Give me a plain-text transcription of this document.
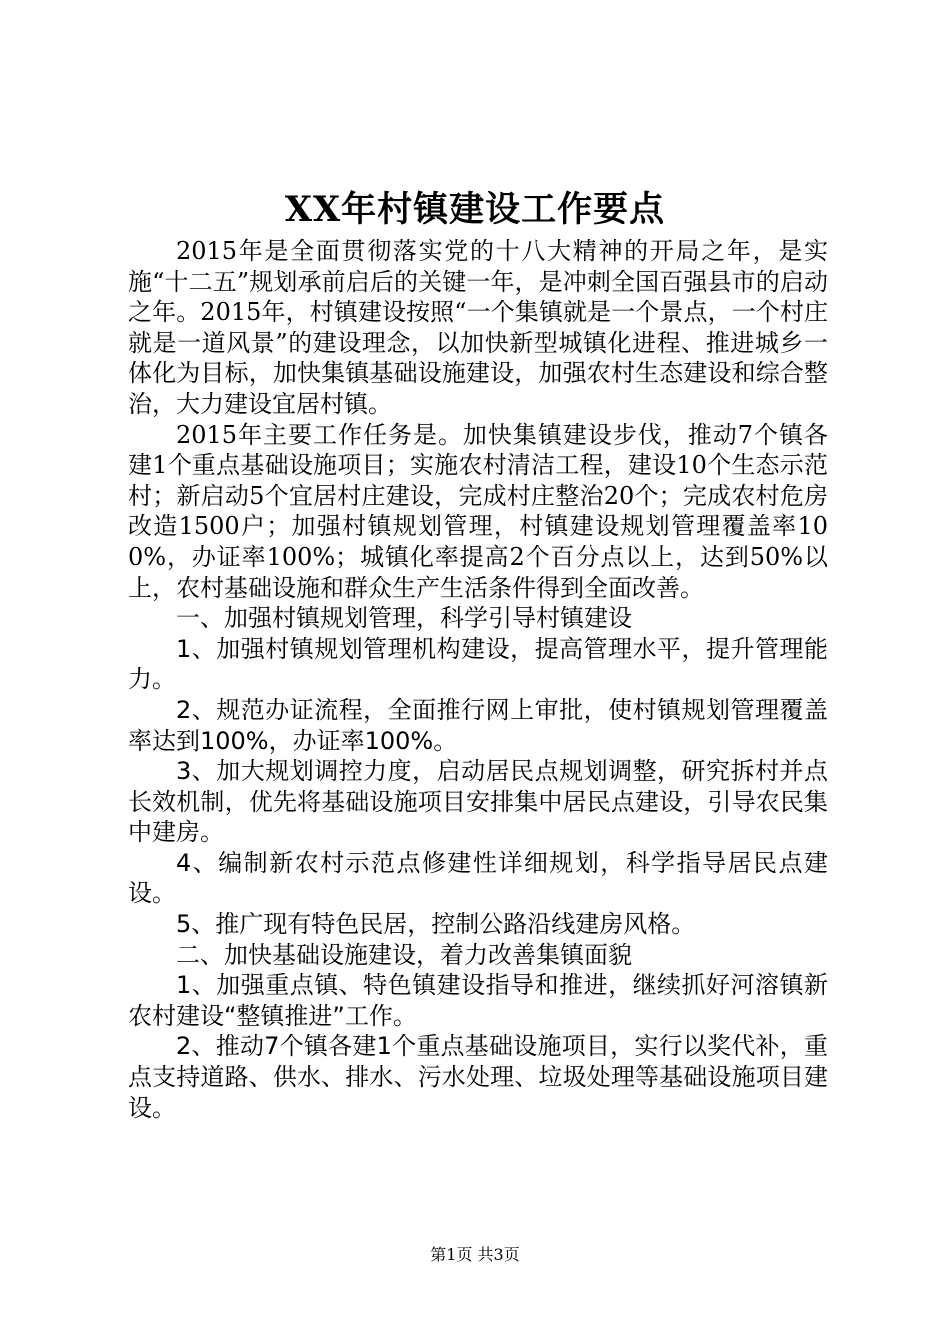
XX年村镇建设工作要点

2015年是全面贯彻落实党的十八大精神的开局之年，是实施“十二五”规划承前启后的关键一年，是冲刺全国百强县市的启动之年。2015年，村镇建设按照“一个集镇就是一个景点，一个村庄就是一道风景”的建设理念，以加快新型城镇化进程、推进城乡一体化为目标，加快集镇基础设施建设，加强农村生态建设和综合整治，大力建设宜居村镇。

2015年主要工作任务是。加快集镇建设步伐，推动7个镇各建1个重点基础设施项目；实施农村清洁工程，建设10个生态示范村；新启动5个宜居村庄建设，完成村庄整治20个；完成农村危房改造1500户；加强村镇规划管理，村镇建设规划管理覆盖率100%，办证率100%；城镇化率提高2个百分点以上，达到50%以上，农村基础设施和群众生产生活条件得到全面改善。

一、加强村镇规划管理，科学引导村镇建设

1、加强村镇规划管理机构建设，提高管理水平，提升管理能力。

2、规范办证流程，全面推行网上审批，使村镇规划管理覆盖率达到100%，办证率100%。

3、加大规划调控力度，启动居民点规划调整，研究拆村并点长效机制，优先将基础设施项目安排集中居民点建设，引导农民集中建房。

4、编制新农村示范点修建性详细规划，科学指导居民点建设。

5、推广现有特色民居，控制公路沿线建房风格。

二、加快基础设施建设，着力改善集镇面貌

1、加强重点镇、特色镇建设指导和推进，继续抓好河溶镇新农村建设“整镇推进”工作。

2、推动7个镇各建1个重点基础设施项目，实行以奖代补，重点支持道路、供水、排水、污水处理、垃圾处理等基础设施项目建设。

第1页 共3页
